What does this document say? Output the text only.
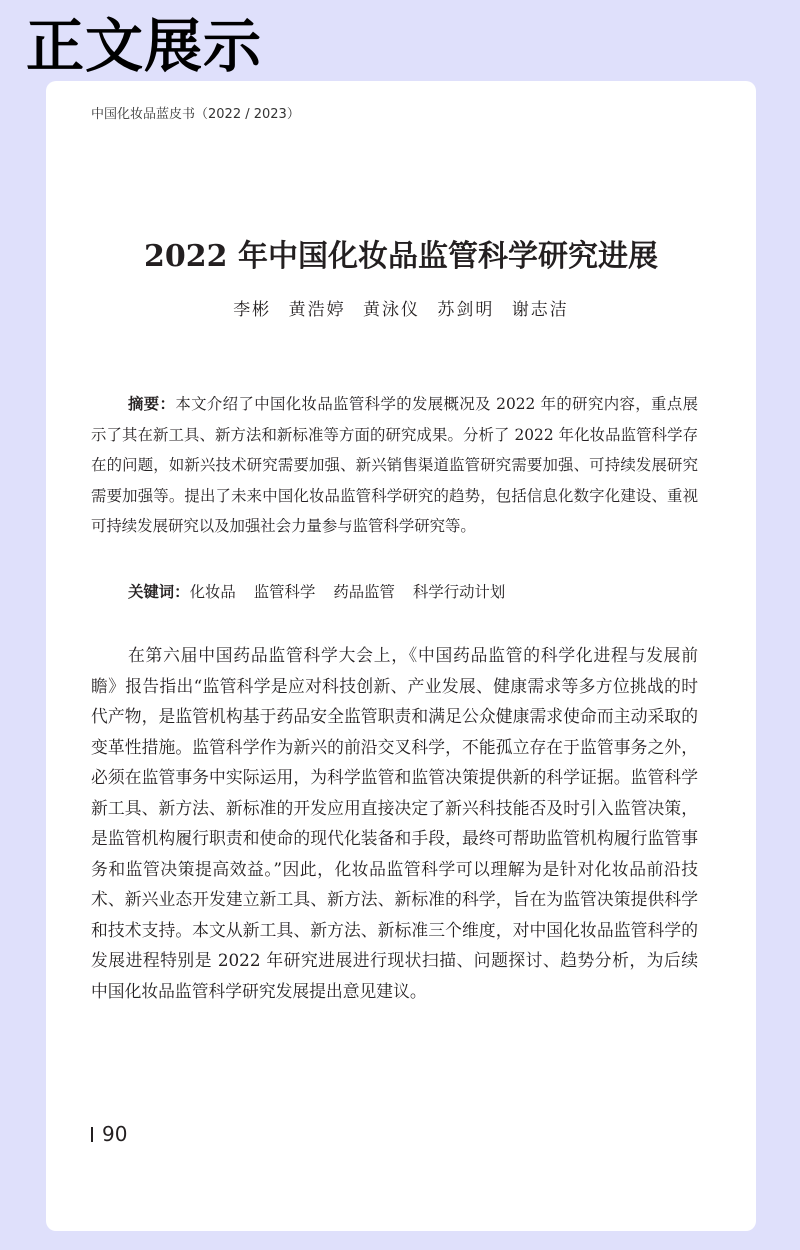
正文展示
中国化妆品蓝皮书（2022 / 2023）
2022 年中国化妆品监管科学研究进展
李彬 黄浩婷 黄泳仪 苏剑明 谢志洁

摘要：本文介绍了中国化妆品监管科学的发展概况及 2022 年的研究内容，重点展示了其在新工具、新方法和新标准等方面的研究成果。分析了 2022 年化妆品监管科学存在的问题，如新兴技术研究需要加强、新兴销售渠道监管研究需要加强、可持续发展研究需要加强等。提出了未来中国化妆品监管科学研究的趋势，包括信息化数字化建设、重视可持续发展研究以及加强社会力量参与监管科学研究等。

关键词：化妆品 监管科学 药品监管 科学行动计划

在第六届中国药品监管科学大会上，《中国药品监管的科学化进程与发展前瞻》报告指出“监管科学是应对科技创新、产业发展、健康需求等多方位挑战的时代产物，是监管机构基于药品安全监管职责和满足公众健康需求使命而主动采取的变革性措施。监管科学作为新兴的前沿交叉科学，不能孤立存在于监管事务之外，必须在监管事务中实际运用，为科学监管和监管决策提供新的科学证据。监管科学新工具、新方法、新标准的开发应用直接决定了新兴科技能否及时引入监管决策，是监管机构履行职责和使命的现代化装备和手段，最终可帮助监管机构履行监管事务和监管决策提高效益。”因此，化妆品监管科学可以理解为是针对化妆品前沿技术、新兴业态开发建立新工具、新方法、新标准的科学，旨在为监管决策提供科学和技术支持。本文从新工具、新方法、新标准三个维度，对中国化妆品监管科学的发展进程特别是 2022 年研究进展进行现状扫描、问题探讨、趋势分析，为后续中国化妆品监管科学研究发展提出意见建议。

90
